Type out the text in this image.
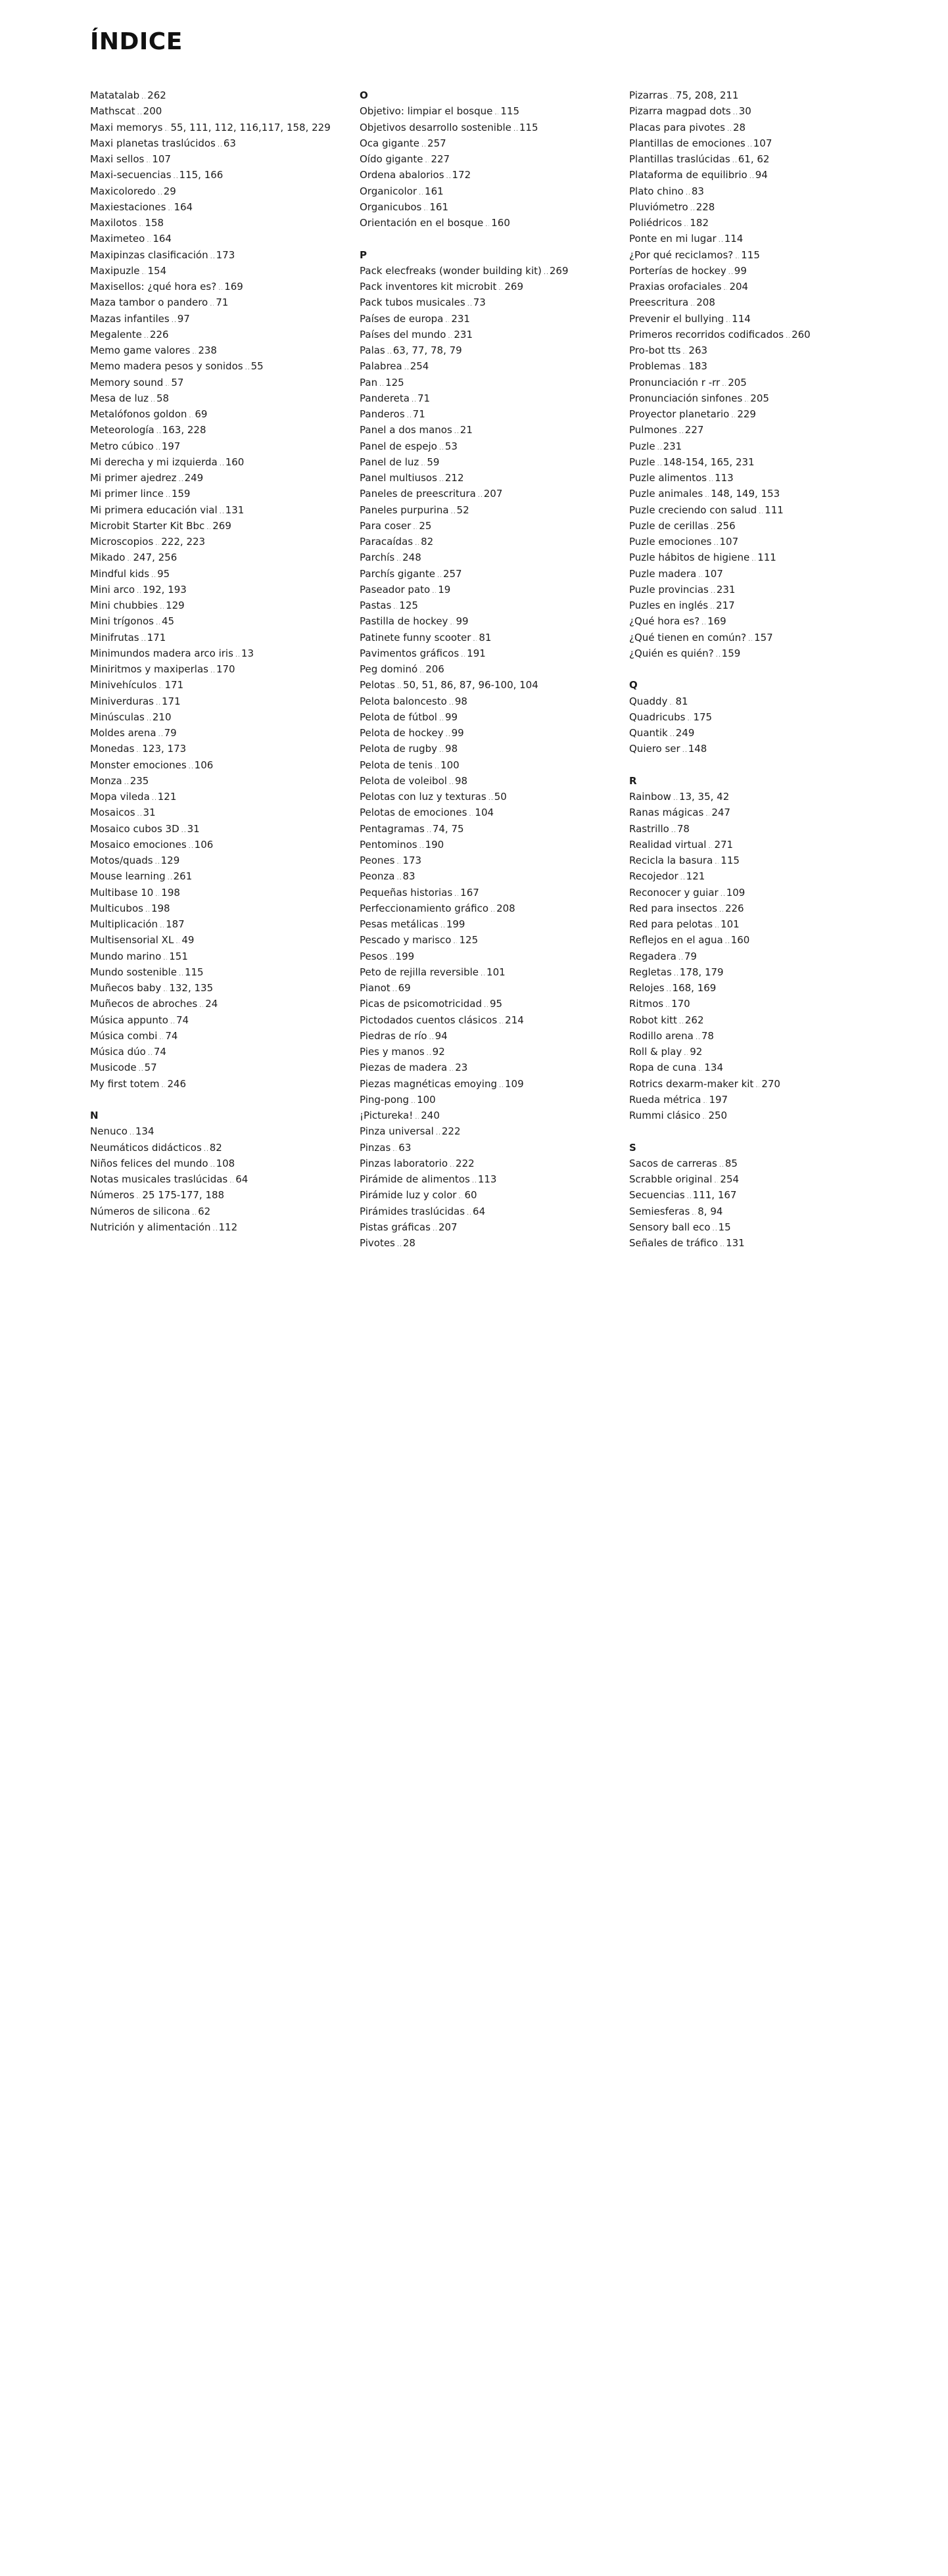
ÍNDICE
Matatalab ..... 262
Mathscat ..... 200
Maxi memorys ..... 55, 111, 112, 116,117, 158, 229
Maxi planetas traslúcidos ..... 63
Maxi sellos ..... 107
Maxi-secuencias ..... 115, 166
Maxicoloredo ..... 29
Maxiestaciones ..... 164
Maxilotos ..... 158
Maximeteo ..... 164
Maxipinzas clasificación ..... 173
Maxipuzle ..... 154
Maxisellos: ¿qué hora es? ..... 169
Maza tambor o pandero ..... 71
Mazas infantiles ..... 97
Megalente ..... 226
Memo game valores ..... 238
Memo madera pesos y sonidos ..... 55
Memory sound ..... 57
Mesa de luz ..... 58
Metalófonos goldon ..... 69
Meteorología ..... 163, 228
Metro cúbico ..... 197
Mi derecha y mi izquierda ..... 160
Mi primer ajedrez ..... 249
Mi primer lince ..... 159
Mi primera educación vial ..... 131
Microbit Starter Kit Bbc ..... 269
Microscopios ..... 222, 223
Mikado ..... 247, 256
Mindful kids ..... 95
Mini arco ..... 192, 193
Mini chubbies ..... 129
Mini trígonos ..... 45
Minifrutas ..... 171
Minimundos madera arco iris ..... 13
Miniritmos y maxiperlas ..... 170
Minivehículos ..... 171
Miniverduras ..... 171
Minúsculas ..... 210
Moldes arena ..... 79
Monedas ..... 123, 173
Monster emociones ..... 106
Monza ..... 235
Mopa vileda ..... 121
Mosaicos ..... 31
Mosaico cubos 3D ..... 31
Mosaico emociones ..... 106
Motos/quads ..... 129
Mouse learning ..... 261
Multibase 10 ..... 198
Multicubos ..... 198
Multiplicación ..... 187
Multisensorial XL ..... 49
Mundo marino ..... 151
Mundo sostenible ..... 115
Muñecos baby ..... 132, 135
Muñecos de abroches ..... 24
Música appunto ..... 74
Música combi ..... 74
Música dúo ..... 74
Musicode ..... 57
My first totem ..... 246
N
Nenuco ..... 134
Neumáticos didácticos ..... 82
Niños felices del mundo ..... 108
Notas musicales traslúcidas ..... 64
Números ..... 25 175-177, 188
Números de silicona ..... 62
Nutrición y alimentación ..... 112
O
Objetivo: limpiar el bosque ..... 115
Objetivos desarrollo sostenible ..... 115
Oca gigante ..... 257
Oído gigante ..... 227
Ordena abalorios ..... 172
Organicolor ..... 161
Organicubos ..... 161
Orientación en el bosque ..... 160
P
Pack elecfreaks (wonder building kit) ..... 269
Pack inventores kit microbit ..... 269
Pack tubos musicales ..... 73
Países de europa ..... 231
Países del mundo ..... 231
Palas ..... 63, 77, 78, 79
Palabrea ..... 254
Pan ..... 125
Pandereta ..... 71
Panderos ..... 71
Panel a dos manos ..... 21
Panel de espejo ..... 53
Panel de luz ..... 59
Panel multiusos ..... 212
Paneles de preescritura ..... 207
Paneles purpurina ..... 52
Para coser ..... 25
Paracaídas ..... 82
Parchís ..... 248
Parchís gigante ..... 257
Paseador pato ..... 19
Pastas ..... 125
Pastilla de hockey ..... 99
Patinete funny scooter ..... 81
Pavimentos gráficos ..... 191
Peg dominó ..... 206
Pelotas ..... 50, 51, 86, 87, 96-100, 104
Pelota baloncesto ..... 98
Pelota de fútbol ..... 99
Pelota de hockey ..... 99
Pelota de rugby ..... 98
Pelota de tenis ..... 100
Pelota de voleibol ..... 98
Pelotas con luz y texturas ..... 50
Pelotas de emociones ..... 104
Pentagramas ..... 74, 75
Pentominos ..... 190
Peones ..... 173
Peonza ..... 83
Pequeñas historias ..... 167
Perfeccionamiento gráfico ..... 208
Pesas metálicas ..... 199
Pescado y marisco ..... 125
Pesos ..... 199
Peto de rejilla reversible ..... 101
Pianot ..... 69
Picas de psicomotricidad ..... 95
Pictodados cuentos clásicos ..... 214
Piedras de río ..... 94
Pies y manos ..... 92
Piezas de madera ..... 23
Piezas magnéticas emoying ..... 109
Ping-pong ..... 100
¡Pictureka! ..... 240
Pinza universal ..... 222
Pinzas ..... 63
Pinzas laboratorio ..... 222
Pirámide de alimentos ..... 113
Pirámide luz y color ..... 60
Pirámides traslúcidas ..... 64
Pistas gráficas ..... 207
Pivotes ..... 28
Pizarras ..... 75, 208, 211
Pizarra magpad dots ..... 30
Placas para pivotes ..... 28
Plantillas de emociones ..... 107
Plantillas traslúcidas ..... 61, 62
Plataforma de equilibrio ..... 94
Plato chino ..... 83
Pluviómetro ..... 228
Poliédricos ..... 182
Ponte en mi lugar ..... 114
¿Por qué reciclamos? ..... 115
Porterías de hockey ..... 99
Praxias orofaciales ..... 204
Preescritura ..... 208
Prevenir el bullying ..... 114
Primeros recorridos codificados ..... 260
Pro-bot tts ..... 263
Problemas ..... 183
Pronunciación r -rr ..... 205
Pronunciación sinfones ..... 205
Proyector planetario ..... 229
Pulmones ..... 227
Puzle ..... 231
Puzle ..... 148-154, 165, 231
Puzle alimentos ..... 113
Puzle animales ..... 148, 149, 153
Puzle creciendo con salud ..... 111
Puzle de cerillas ..... 256
Puzle emociones ..... 107
Puzle hábitos de higiene ..... 111
Puzle madera ..... 107
Puzle provincias ..... 231
Puzles en inglés ..... 217
¿Qué hora es? ..... 169
¿Qué tienen en común? ..... 157
¿Quién es quién? ..... 159
Q
Quaddy ..... 81
Quadricubs ..... 175
Quantik ..... 249
Quiero ser ..... 148
R
Rainbow ..... 13, 35, 42
Ranas mágicas ..... 247
Rastrillo ..... 78
Realidad virtual ..... 271
Recicla la basura ..... 115
Recojedor ..... 121
Reconocer y guiar ..... 109
Red para insectos ..... 226
Red para pelotas ..... 101
Reflejos en el agua ..... 160
Regadera ..... 79
Regletas ..... 178, 179
Relojes ..... 168, 169
Ritmos ..... 170
Robot kitt ..... 262
Rodillo arena ..... 78
Roll & play ..... 92
Ropa de cuna ..... 134
Rotrics dexarm-maker kit ..... 270
Rueda métrica ..... 197
Rummi clásico ..... 250
S
Sacos de carreras ..... 85
Scrabble original ..... 254
Secuencias ..... 111, 167
Semiesferas ..... 8, 94
Sensory ball eco ..... 15
Señales de tráfico ..... 131
